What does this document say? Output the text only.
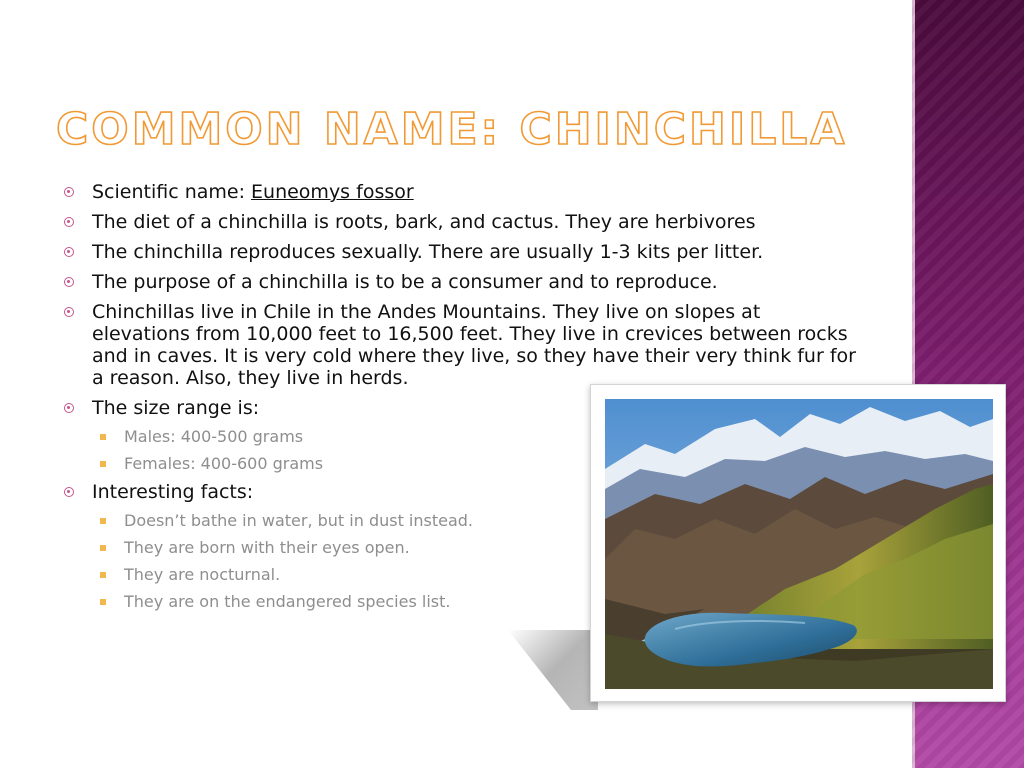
COMMON NAME: CHINCHILLA
Scientific name: Euneomys fossor
The diet of a chinchilla is roots, bark, and cactus. They are herbivores
The chinchilla reproduces sexually. There are usually 1-3 kits per litter.
The purpose of a chinchilla is to be a consumer and to reproduce.
Chinchillas live in Chile in the Andes Mountains. They live on slopes at elevations from 10,000 feet to 16,500 feet. They live in crevices between rocks and in caves. It is very cold where they live, so they have their very think fur for a reason. Also, they live in herds.
The size range is:
Males: 400-500 grams
Females: 400-600 grams
Interesting facts:
Doesn’t bathe in water, but in dust instead.
They are born with their eyes open.
They are nocturnal.
They are on the endangered species list.
